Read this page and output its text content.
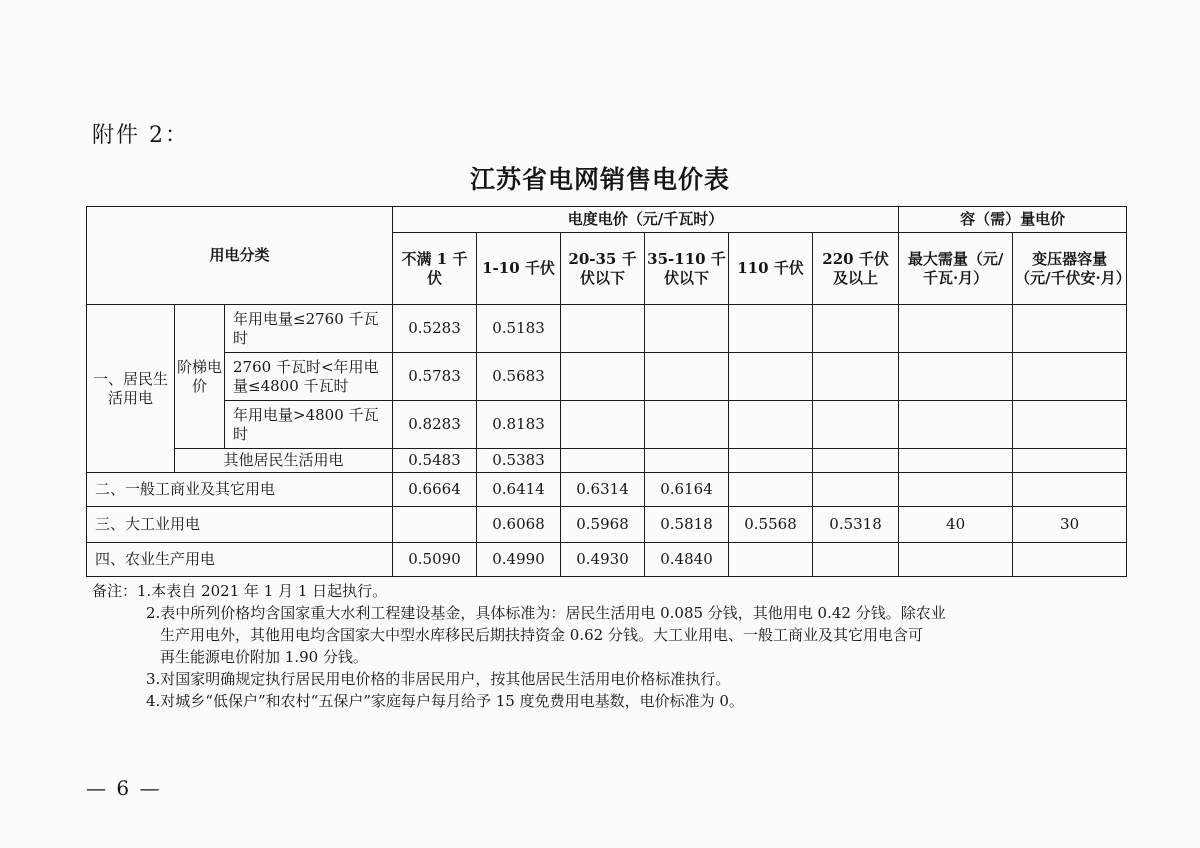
附件 2：
江苏省电网销售电价表
用电分类			电度电价（元/千瓦时）						容（需）量电价	
			不满 1 千伏	1-10 千伏	20-35 千伏以下	35-110 千伏以下	110 千伏	220 千伏及以上	最大需量（元/千瓦·月）	变压器容量（元/千伏安·月）
一、居民生活用电	阶梯电价	年用电量≤2760 千瓦时	0.5283	0.5183						
		2760 千瓦时<年用电量≤4800 千瓦时	0.5783	0.5683						
		年用电量>4800 千瓦时	0.8283	0.8183						
	其他居民生活用电		0.5483	0.5383						
二、一般工商业及其它用电			0.6664	0.6414	0.6314	0.6164				
三、大工业用电				0.6068	0.5968	0.5818	0.5568	0.5318	40	30
四、农业生产用电			0.5090	0.4990	0.4930	0.4840				
备注：1.本表自 2021 年 1 月 1 日起执行。
2.表中所列价格均含国家重大水利工程建设基金，具体标准为：居民生活用电 0.085 分钱，其他用电 0.42 分钱。除农业
生产用电外，其他用电均含国家大中型水库移民后期扶持资金 0.62 分钱。大工业用电、一般工商业及其它用电含可
再生能源电价附加 1.90 分钱。
3.对国家明确规定执行居民用电价格的非居民用户，按其他居民生活用电价格标准执行。
4.对城乡“低保户”和农村“五保户”家庭每户每月给予 15 度免费用电基数，电价标准为 0。
— 6 —
